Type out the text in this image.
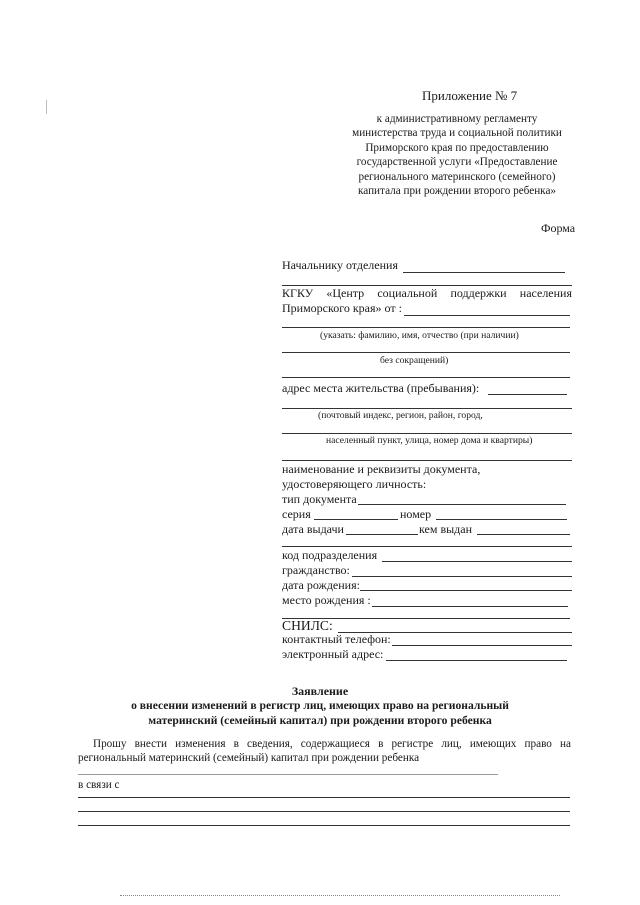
Приложение № 7
к административному регламенту
министерства труда и социальной политики
Приморского края по предоставлению
государственной услуги «Предоставление
регионального материнского (семейного)
капитала при рождении второго ребенка»
Форма
Начальнику отделения
КГКУ «Центр социальной поддержки населения Приморского края» от :
(указать: фамилию, имя, отчество (при наличии)
без сокращений)
адрес места жительства (пребывания):
(почтовый индекс, регион, район, город,
населенный пункт, улица, номер дома и квартиры)
наименование и реквизиты документа,
удостоверяющего личность:
тип документа
серия	номер
дата выдачи	кем выдан
код подразделения
гражданство:
дата рождения:
место рождения :
СНИЛС:
контактный телефон:
электронный адрес:
Заявление
о внесении изменений в регистр лиц, имеющих право на региональный материнский (семейный капитал) при рождении второго ребенка
Прошу внести изменения в сведения, содержащиеся в регистре лиц, имеющих право на региональный материнский (семейный) капитал при рождении ребенка
в связи с
